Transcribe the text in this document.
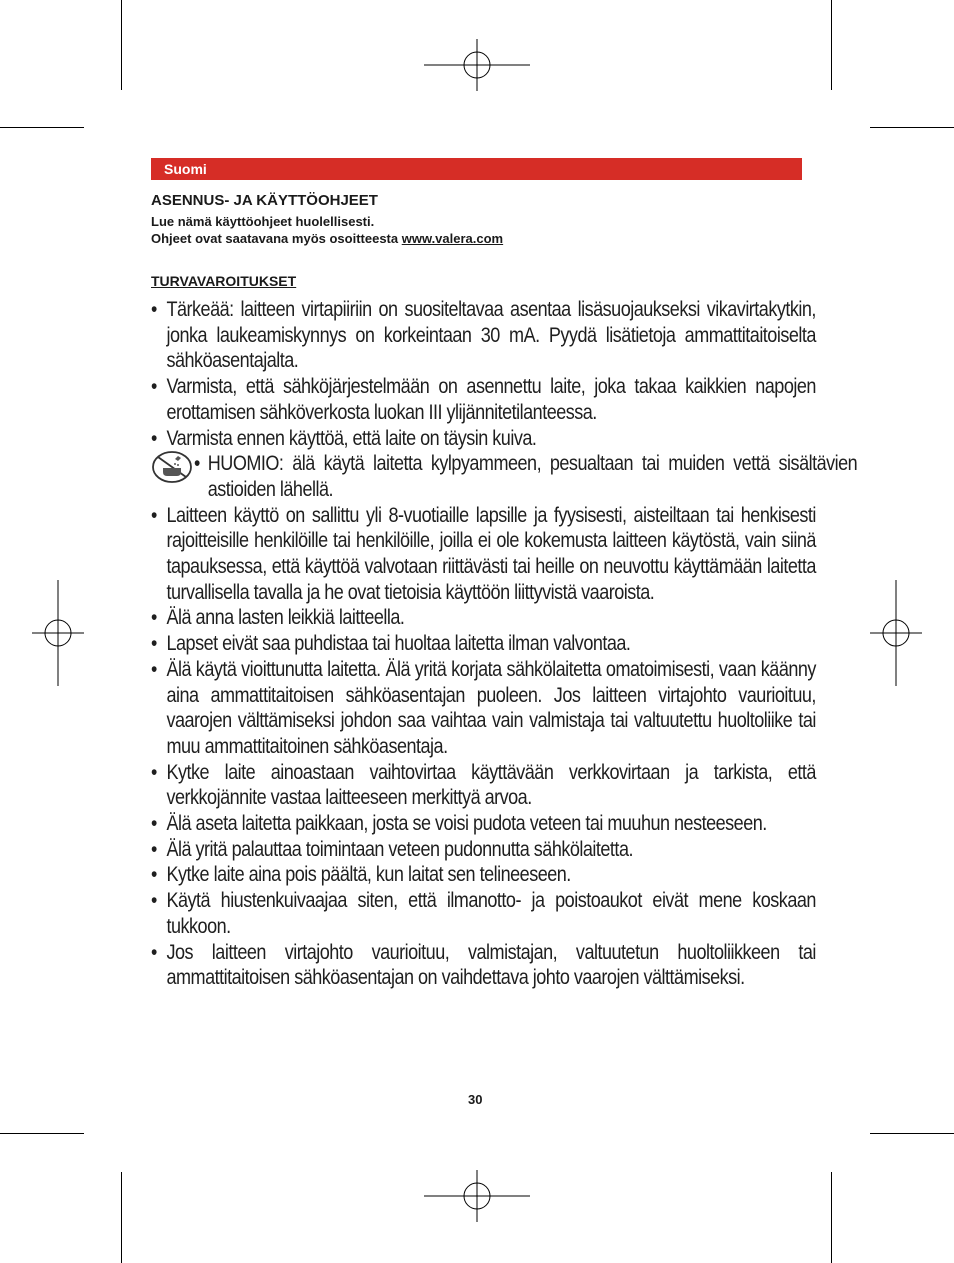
Suomi
ASENNUS- JA KÄYTTÖOHJEET
Lue nämä käyttöohjeet huolellisesti.
Ohjeet ovat saatavana myös osoitteesta www.valera.com
TURVAVAROITUKSET

• Tärkeää: laitteen virtapiiriin on suositeltavaa asentaa lisäsuojaukseksi vikavirtakytkin, jonka laukeamiskynnys on korkeintaan 30 mA. Pyydä lisätietoja ammattitaitoiselta sähköasentajalta.

• Varmista, että sähköjärjestelmään on asennettu laite, joka takaa kaikkien napojen erottamisen sähköverkosta luokan III ylijännitetilanteessa.

• Varmista ennen käyttöä, että laite on täysin kuiva.

• HUOMIO: älä käytä laitetta kylpyammeen, pesualtaan tai muiden vettä sisältävien astioiden lähellä.

• Laitteen käyttö on sallittu yli 8-vuotiaille lapsille ja fyysisesti, aisteiltaan tai henkisesti rajoitteisille henkilöille tai henkilöille, joilla ei ole kokemusta laitteen käytöstä, vain siinä tapauksessa, että käyttöä valvotaan riittävästi tai heille on neuvottu käyttämään laitetta turvallisella tavalla ja he ovat tietoisia käyttöön liittyvistä vaaroista.

• Älä anna lasten leikkiä laitteella.

• Lapset eivät saa puhdistaa tai huoltaa laitetta ilman valvontaa.

• Älä käytä vioittunutta laitetta. Älä yritä korjata sähkölaitetta omatoimisesti, vaan käänny aina ammattitaitoisen sähköasentajan puoleen. Jos laitteen virtajohto vaurioituu, vaarojen välttämiseksi johdon saa vaihtaa vain valmistaja tai valtuutettu huoltoliike tai muu ammattitaitoinen sähköasentaja.

• Kytke laite ainoastaan vaihtovirtaa käyttävään verkkovirtaan ja tarkista, että verkkojännite vastaa laitteeseen merkittyä arvoa.

• Älä aseta laitetta paikkaan, josta se voisi pudota veteen tai muuhun nesteeseen.

• Älä yritä palauttaa toimintaan veteen pudonnutta sähkölaitetta.

• Kytke laite aina pois päältä, kun laitat sen telineeseen.

• Käytä hiustenkuivaajaa siten, että ilmanotto- ja poistoaukot eivät mene koskaan tukkoon.

• Jos laitteen virtajohto vaurioituu, valmistajan, valtuutetun huoltoliikkeen tai ammattitaitoisen sähköasentajan on vaihdettava johto vaarojen välttämiseksi.

30
